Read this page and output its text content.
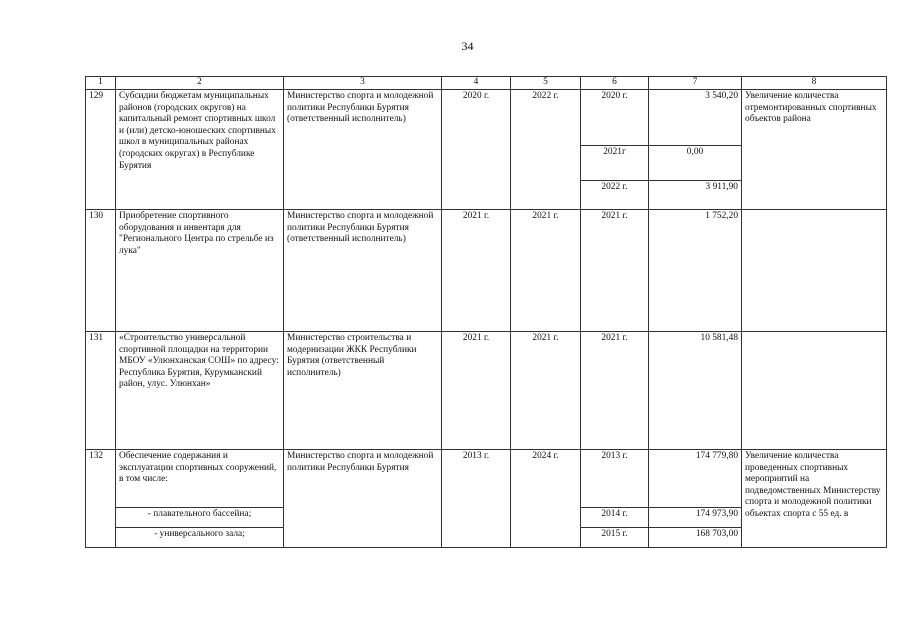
34
1	2	3	4	5	6	7	8
129	Субсидии бюджетам муниципальных районов (городских округов) на капитальный ремонт спортивных школ и (или) детско-юношеских спортивных школ в муниципальных районах (городских округах) в Республике Бурятия	Министерство спорта и молодежной политики Республики Бурятия (ответственный исполнитель)	2020 г.	2022 г.	2020 г.	3 540,20	Увеличение количества отремонтированных спортивных объектов района
					2021г	0,00	
					2022 г.	3 911,90	
130	Приобретение спортивного оборудования и инвентаря для "Регионального Центра по стрельбе из лука"	Министерство спорта и молодежной политики Республики Бурятия (ответственный исполнитель)	2021 г.	2021 г.	2021 г.	1 752,20	
131	«Строительство универсальной спортивной площадки на территории МБОУ «Улюнханская СОШ» по адресу: Республика Бурятия, Курумканский район, улус. Улюнхан»	Министерство строительства и модернизации ЖКК Республики Бурятия (ответственный исполнитель)	2021 г.	2021 г.	2021 г.	10 581,48	
132	Обеспечение содержания и эксплуатации спортивных сооружений, в том числе:	Министерство спорта и молодежной политики Республики Бурятия	2013 г.	2024 г.	2013 г.	174 779,80	Увеличение количества проведенных спортивных мероприятий на подведомственных Министерству спорта и молодежной политики объектах спорта с 55 ед. в
	- плавательного бассейна;				2014 г.	174 973,90	
	- универсального зала;				2015 г.	168 703,00	
